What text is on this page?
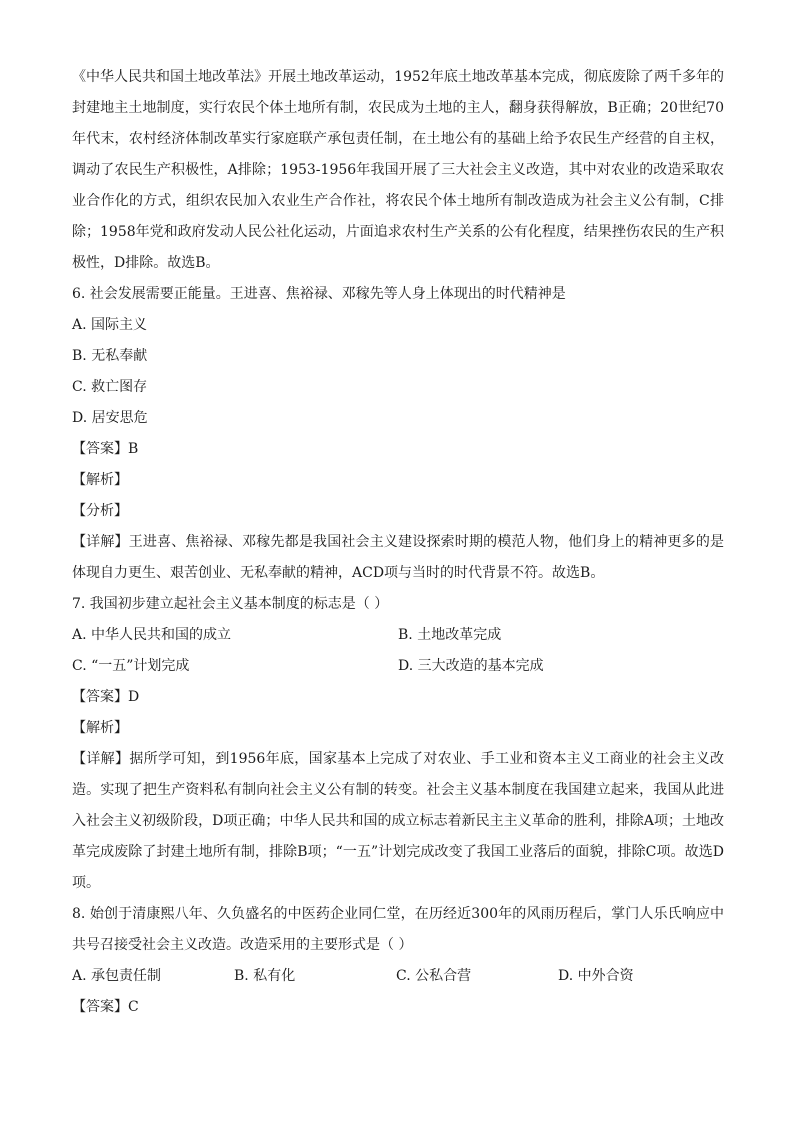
《中华人民共和国土地改革法》开展土地改革运动，1952年底土地改革基本完成，彻底废除了两千多年的封建地主土地制度，实行农民个体土地所有制，农民成为土地的主人，翻身获得解放，B正确；20世纪70年代末，农村经济体制改革实行家庭联产承包责任制，在土地公有的基础上给予农民生产经营的自主权，调动了农民生产积极性，A排除；1953-1956年我国开展了三大社会主义改造，其中对农业的改造采取农业合作化的方式，组织农民加入农业生产合作社，将农民个体土地所有制改造成为社会主义公有制，C排除；1958年党和政府发动人民公社化运动，片面追求农村生产关系的公有化程度，结果挫伤农民的生产积极性，D排除。故选B。

6. 社会发展需要正能量。王进喜、焦裕禄、邓稼先等人身上体现出的时代精神是

A. 国际主义

B. 无私奉献

C. 救亡图存

D. 居安思危

【答案】B

【解析】

【分析】

【详解】王进喜、焦裕禄、邓稼先都是我国社会主义建设探索时期的模范人物，他们身上的精神更多的是体现自力更生、艰苦创业、无私奉献的精神，ACD项与当时的时代背景不符。故选B。

7. 我国初步建立起社会主义基本制度的标志是（ ）

A. 中华人民共和国的成立	B. 土地改革完成
C. “一五”计划完成	D. 三大改造的基本完成

【答案】D

【解析】

【详解】据所学可知，到1956年底，国家基本上完成了对农业、手工业和资本主义工商业的社会主义改造。实现了把生产资料私有制向社会主义公有制的转变。社会主义基本制度在我国建立起来，我国从此进入社会主义初级阶段，D项正确；中华人民共和国的成立标志着新民主主义革命的胜利，排除A项；土地改革完成废除了封建土地所有制，排除B项；“一五”计划完成改变了我国工业落后的面貌，排除C项。故选D项。

8. 始创于清康熙八年、久负盛名的中医药企业同仁堂，在历经近300年的风雨历程后，掌门人乐氏响应中共号召接受社会主义改造。改造采用的主要形式是（ ）

A. 承包责任制	B. 私有化	C. 公私合营	D. 中外合资

【答案】C
